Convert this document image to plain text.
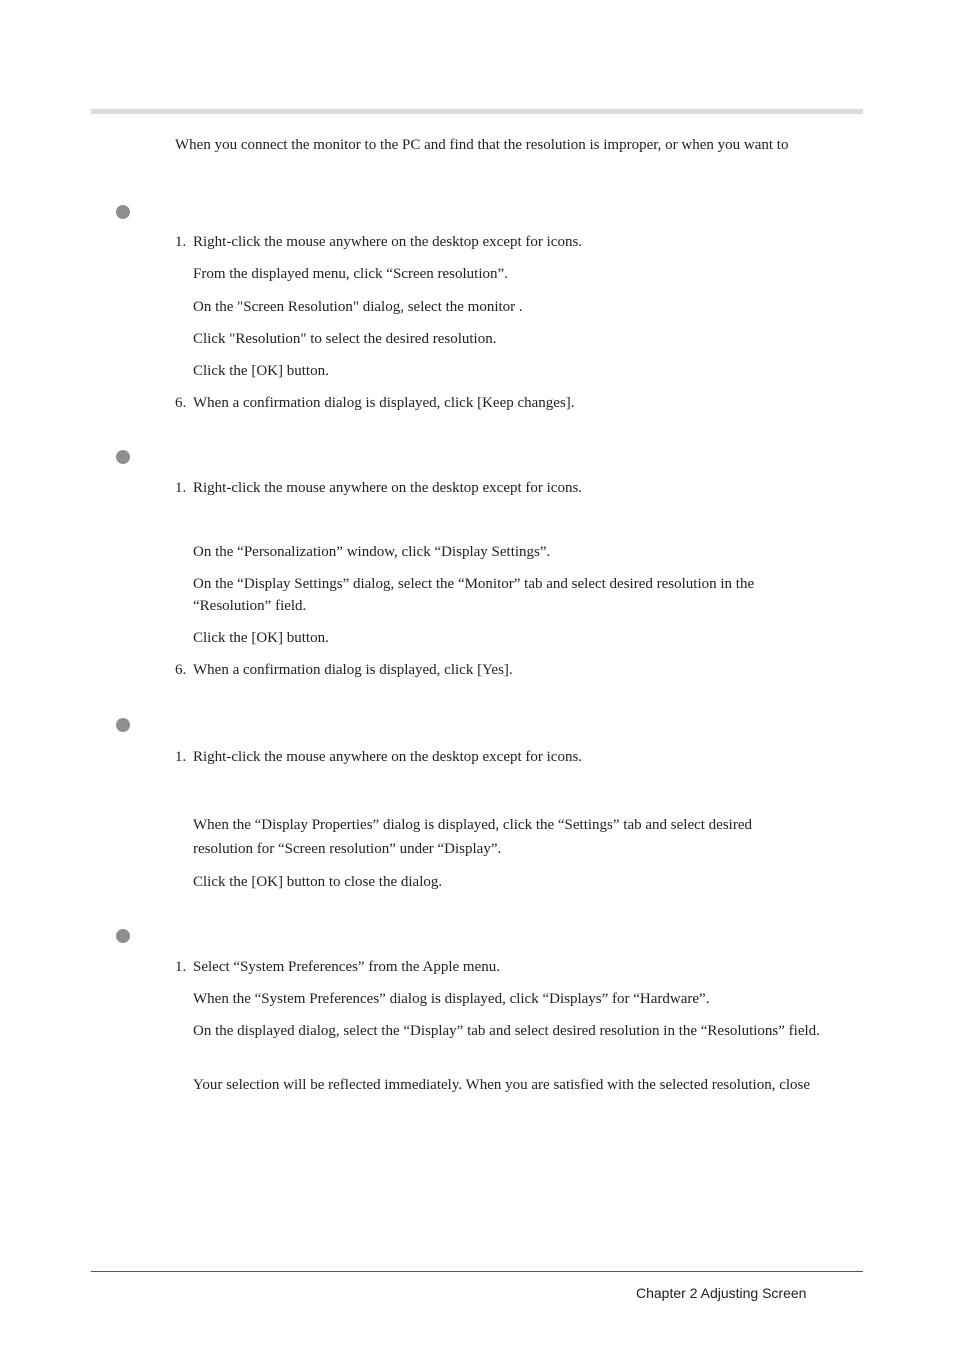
When you connect the monitor to the PC and find that the resolution is improper, or when you want to
1. Right-click the mouse anywhere on the desktop except for icons.
From the displayed menu, click “Screen resolution”.
On the "Screen Resolution" dialog, select the monitor .
Click "Resolution" to select the desired resolution.
Click the [OK] button.
6. When a confirmation dialog is displayed, click [Keep changes].
1. Right-click the mouse anywhere on the desktop except for icons.
On the “Personalization” window, click “Display Settings”.
On the “Display Settings” dialog, select the “Monitor” tab and select desired resolution in the “Resolution” field.
Click the [OK] button.
6. When a confirmation dialog is displayed, click [Yes].
1. Right-click the mouse anywhere on the desktop except for icons.
When the “Display Properties” dialog is displayed, click the “Settings” tab and select desired resolution for “Screen resolution” under “Display”.
Click the [OK] button to close the dialog.
1. Select “System Preferences” from the Apple menu.
When the “System Preferences” dialog is displayed, click “Displays” for “Hardware”.
On the displayed dialog, select the “Display” tab and select desired resolution in the “Resolutions” field.
Your selection will be reflected immediately. When you are satisfied with the selected resolution, close
Chapter 2 Adjusting Screen
